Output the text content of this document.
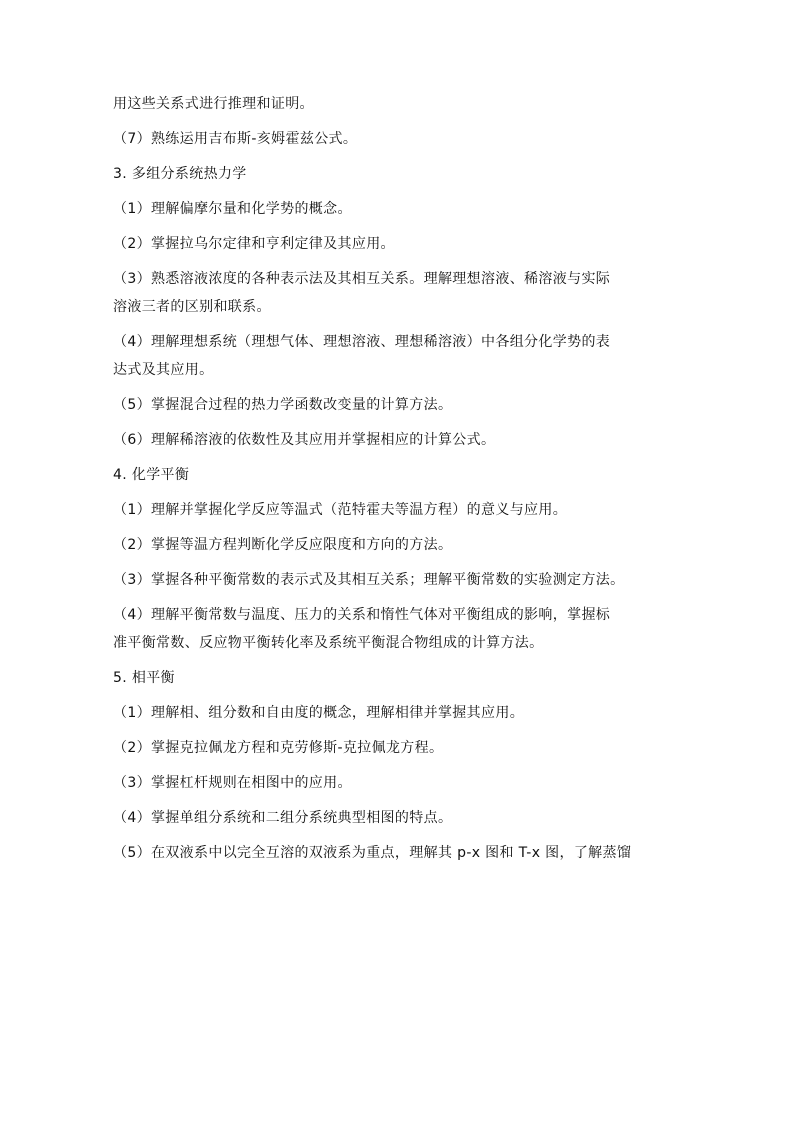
用这些关系式进行推理和证明。
（7）熟练运用吉布斯-亥姆霍兹公式。
3. 多组分系统热力学
（1）理解偏摩尔量和化学势的概念。
（2）掌握拉乌尔定律和亨利定律及其应用。
（3）熟悉溶液浓度的各种表示法及其相互关系。理解理想溶液、稀溶液与实际
溶液三者的区别和联系。
（4）理解理想系统（理想气体、理想溶液、理想稀溶液）中各组分化学势的表
达式及其应用。
（5）掌握混合过程的热力学函数改变量的计算方法。
（6）理解稀溶液的依数性及其应用并掌握相应的计算公式。
4. 化学平衡
（1）理解并掌握化学反应等温式（范特霍夫等温方程）的意义与应用。
（2）掌握等温方程判断化学反应限度和方向的方法。
（3）掌握各种平衡常数的表示式及其相互关系；理解平衡常数的实验测定方法。
（4）理解平衡常数与温度、压力的关系和惰性气体对平衡组成的影响，掌握标
准平衡常数、反应物平衡转化率及系统平衡混合物组成的计算方法。
5. 相平衡
（1）理解相、组分数和自由度的概念，理解相律并掌握其应用。
（2）掌握克拉佩龙方程和克劳修斯-克拉佩龙方程。
（3）掌握杠杆规则在相图中的应用。
（4）掌握单组分系统和二组分系统典型相图的特点。
（5）在双液系中以完全互溶的双液系为重点，理解其 p-x 图和 T-x 图，了解蒸馏
